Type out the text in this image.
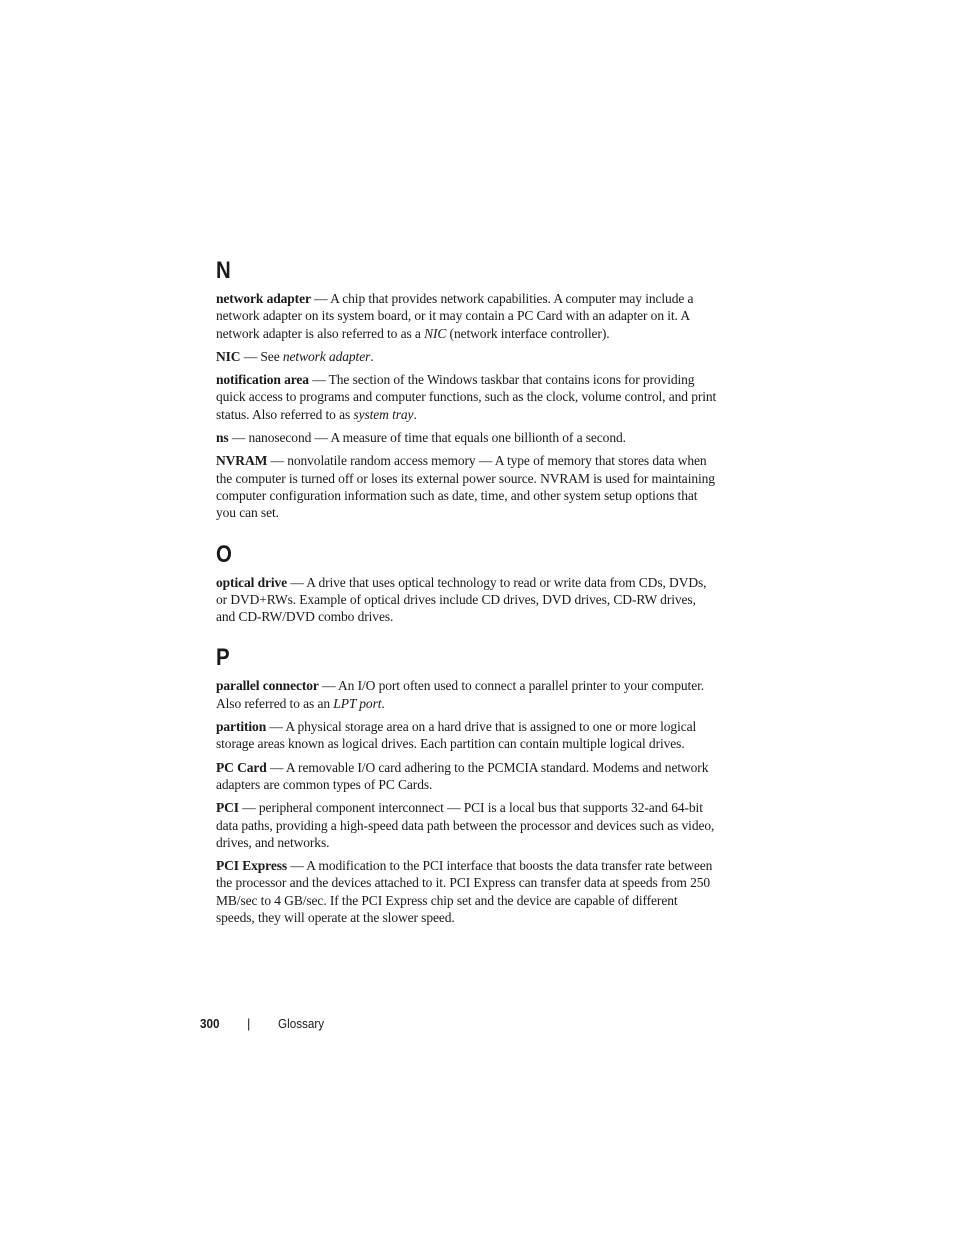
N

network adapter — A chip that provides network capabilities. A computer may include a network adapter on its system board, or it may contain a PC Card with an adapter on it. A network adapter is also referred to as a NIC (network interface controller).

NIC — See network adapter.

notification area — The section of the Windows taskbar that contains icons for providing quick access to programs and computer functions, such as the clock, volume control, and print status. Also referred to as system tray.

ns — nanosecond — A measure of time that equals one billionth of a second.

NVRAM — nonvolatile random access memory — A type of memory that stores data when the computer is turned off or loses its external power source. NVRAM is used for maintaining computer configuration information such as date, time, and other system setup options that you can set.

O

optical drive — A drive that uses optical technology to read or write data from CDs, DVDs, or DVD+RWs. Example of optical drives include CD drives, DVD drives, CD-RW drives, and CD-RW/DVD combo drives.

P

parallel connector — An I/O port often used to connect a parallel printer to your computer. Also referred to as an LPT port.

partition — A physical storage area on a hard drive that is assigned to one or more logical storage areas known as logical drives. Each partition can contain multiple logical drives.

PC Card — A removable I/O card adhering to the PCMCIA standard. Modems and network adapters are common types of PC Cards.

PCI — peripheral component interconnect — PCI is a local bus that supports 32-and 64-bit data paths, providing a high-speed data path between the processor and devices such as video, drives, and networks.

PCI Express — A modification to the PCI interface that boosts the data transfer rate between the processor and the devices attached to it. PCI Express can transfer data at speeds from 250 MB/sec to 4 GB/sec. If the PCI Express chip set and the device are capable of different speeds, they will operate at the slower speed.

300 | Glossary
